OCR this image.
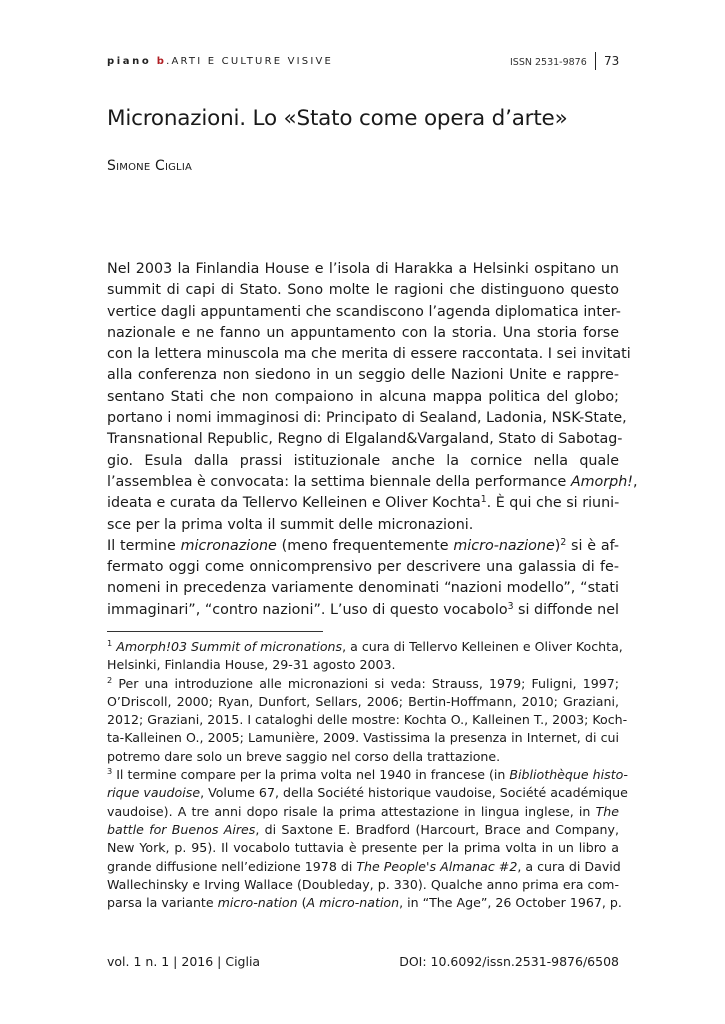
piano b.ARTI E CULTURE VISIVE	ISSN 2531-9876 73
Micronazioni. Lo «Stato come opera d’arte»
Simone Ciglia
Nel 2003 la Finlandia House e l’isola di Harakka a Helsinki ospitano un
summit di capi di Stato. Sono molte le ragioni che distinguono questo
vertice dagli appuntamenti che scandiscono l’agenda diplomatica inter-
nazionale e ne fanno un appuntamento con la storia. Una storia forse
con la lettera minuscola ma che merita di essere raccontata. I sei invitati
alla conferenza non siedono in un seggio delle Nazioni Unite e rappre-
sentano Stati che non compaiono in alcuna mappa politica del globo;
portano i nomi immaginosi di: Principato di Sealand, Ladonia, NSK-State,
Transnational Republic, Regno di Elgaland&Vargaland, Stato di Sabotag-
gio. Esula dalla prassi istituzionale anche la cornice nella quale
l’assemblea è convocata: la settima biennale della performance Amorph!,
ideata e curata da Tellervo Kelleinen e Oliver Kochta$^1$. È qui che si riuni-
sce per la prima volta il summit delle micronazioni.
Il termine micronazione (meno frequentemente micro-nazione)$^2$ si è af-
fermato oggi come onnicomprensivo per descrivere una galassia di fe-
nomeni in precedenza variamente denominati “nazioni modello”, “stati
immaginari”, “contro nazioni”. L’uso di questo vocabolo$^3$ si diffonde nel
$^1$ Amorph!03 Summit of micronations, a cura di Tellervo Kelleinen e Oliver Kochta,
Helsinki, Finlandia House, 29-31 agosto 2003.
$^2$ Per una introduzione alle micronazioni si veda: Strauss, 1979; Fuligni, 1997;
O’Driscoll, 2000; Ryan, Dunfort, Sellars, 2006; Bertin-Hoffmann, 2010; Graziani,
2012; Graziani, 2015. I cataloghi delle mostre: Kochta O., Kalleinen T., 2003; Koch-
ta-Kalleinen O., 2005; Lamunière, 2009. Vastissima la presenza in Internet, di cui
potremo dare solo un breve saggio nel corso della trattazione.
$^3$ Il termine compare per la prima volta nel 1940 in francese (in Bibliothèque histo-
rique vaudoise, Volume 67, della Société historique vaudoise, Société académique
vaudoise). A tre anni dopo risale la prima attestazione in lingua inglese, in The
battle for Buenos Aires, di Saxtone E. Bradford (Harcourt, Brace and Company,
New York, p. 95). Il vocabolo tuttavia è presente per la prima volta in un libro a
grande diffusione nell’edizione 1978 di The People's Almanac #2, a cura di David
Wallechinsky e Irving Wallace (Doubleday, p. 330). Qualche anno prima era com-
parsa la variante micro-nation (A micro-nation, in “The Age”, 26 October 1967, p.
vol. 1 n. 1 | 2016 | Ciglia	DOI: 10.6092/issn.2531-9876/6508
